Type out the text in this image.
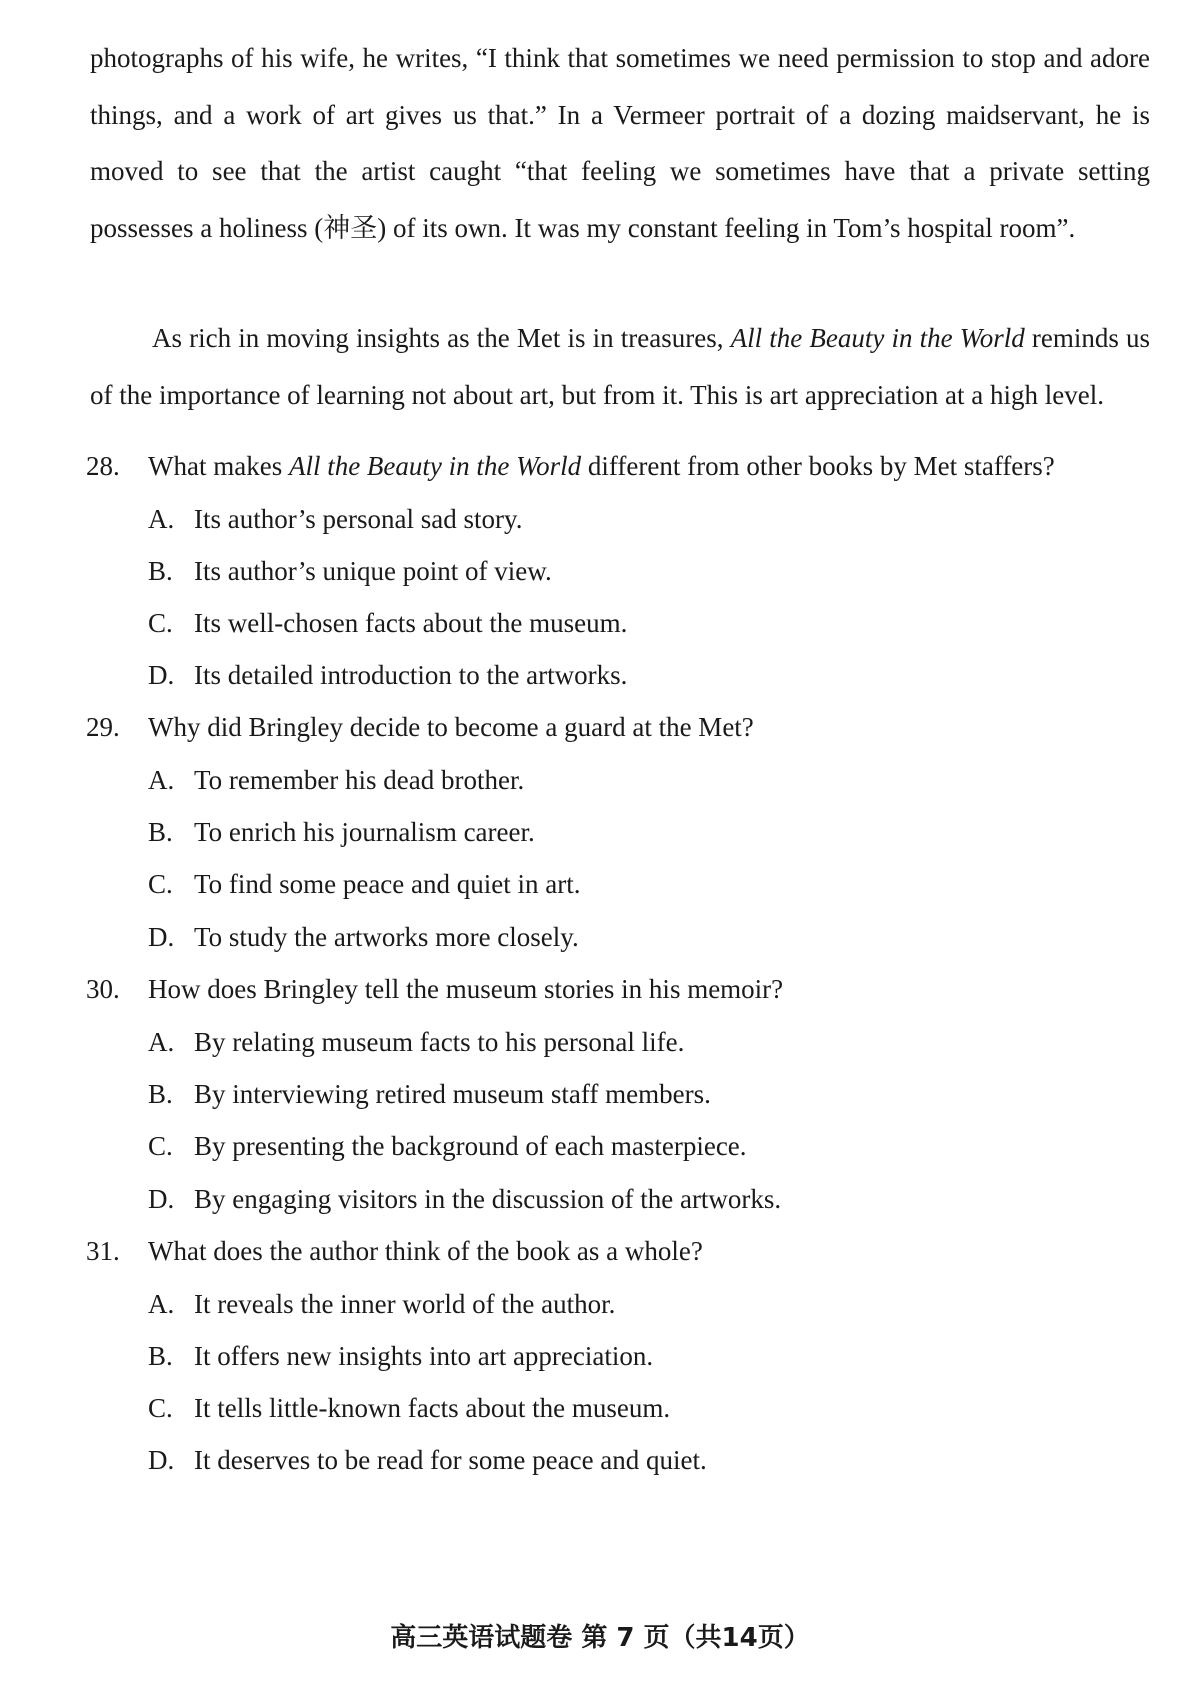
photographs of his wife, he writes, “I think that sometimes we need permission to stop and adore things, and a work of art gives us that.” In a Vermeer portrait of a dozing maidservant, he is moved to see that the artist caught “that feeling we sometimes have that a private setting possesses a holiness (神圣) of its own. It was my constant feeling in Tom’s hospital room”.

As rich in moving insights as the Met is in treasures, All the Beauty in the World reminds us of the importance of learning not about art, but from it. This is art appreciation at a high level.

28. What makes All the Beauty in the World different from other books by Met staffers?

A. Its author’s personal sad story.

B. Its author’s unique point of view.

C. Its well-chosen facts about the museum.

D. Its detailed introduction to the artworks.

29. Why did Bringley decide to become a guard at the Met?

A. To remember his dead brother.

B. To enrich his journalism career.

C. To find some peace and quiet in art.

D. To study the artworks more closely.

30. How does Bringley tell the museum stories in his memoir?

A. By relating museum facts to his personal life.

B. By interviewing retired museum staff members.

C. By presenting the background of each masterpiece.

D. By engaging visitors in the discussion of the artworks.

31. What does the author think of the book as a whole?

A. It reveals the inner world of the author.

B. It offers new insights into art appreciation.

C. It tells little-known facts about the museum.

D. It deserves to be read for some peace and quiet.

高三英语试题卷 第 7 页（共14页）
